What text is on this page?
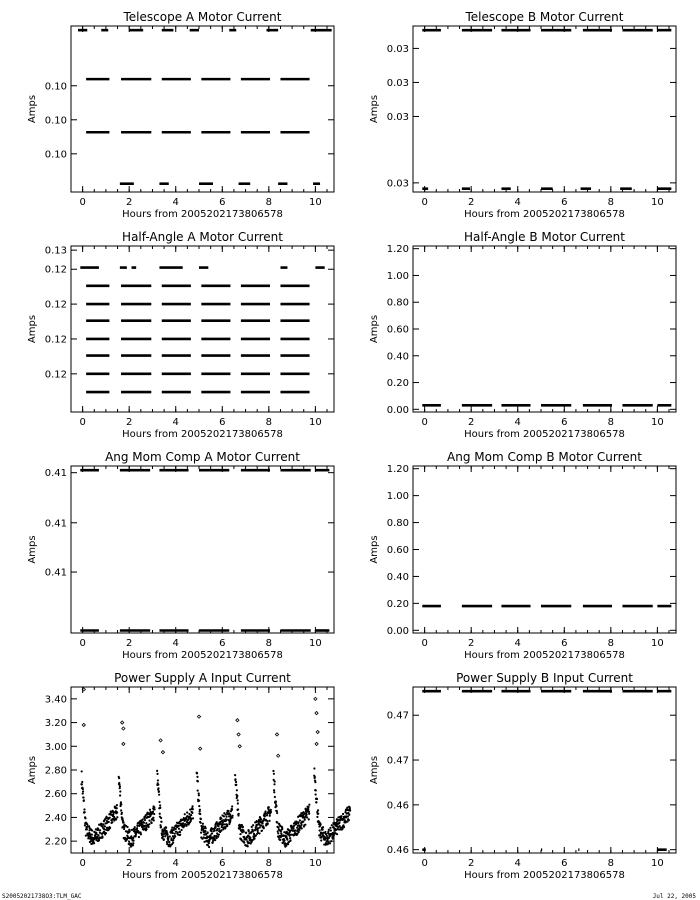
Telescope A Motor Current
0	2	4	6	8	10
Hours from 2005202173806578
0.10
0.10
0.10
Amps
Telescope B Motor Current
0	2	4	6	8	10
Hours from 2005202173806578
0.03
0.03
0.03
0.03
Amps
Half-Angle A Motor Current
0	2	4	6	8	10
Hours from 2005202173806578
0.12
0.12
0.12
0.12
0.13
Amps
Half-Angle B Motor Current
0	2	4	6	8	10
Hours from 2005202173806578
0.00
0.20
0.40
0.60
0.80
1.00
1.20
Amps
Ang Mom Comp A Motor Current
0	2	4	6	8	10
Hours from 2005202173806578
0.41
0.41
0.41
Amps
Ang Mom Comp B Motor Current
0	2	4	6	8	10
Hours from 2005202173806578
0.00
0.20
0.40
0.60
0.80
1.00
1.20
Amps
Power Supply A Input Current
0	2	4	6	8	10
Hours from 2005202173806578
2.20
2.40
2.60
2.80
3.00
3.20
3.40
Amps
Power Supply B Input Current
0	2	4	6	8	10
Hours from 2005202173806578
0.46
0.46
0.47
0.47
Amps
S20052021738O3:TLM_GAC	Jul 22, 2005
